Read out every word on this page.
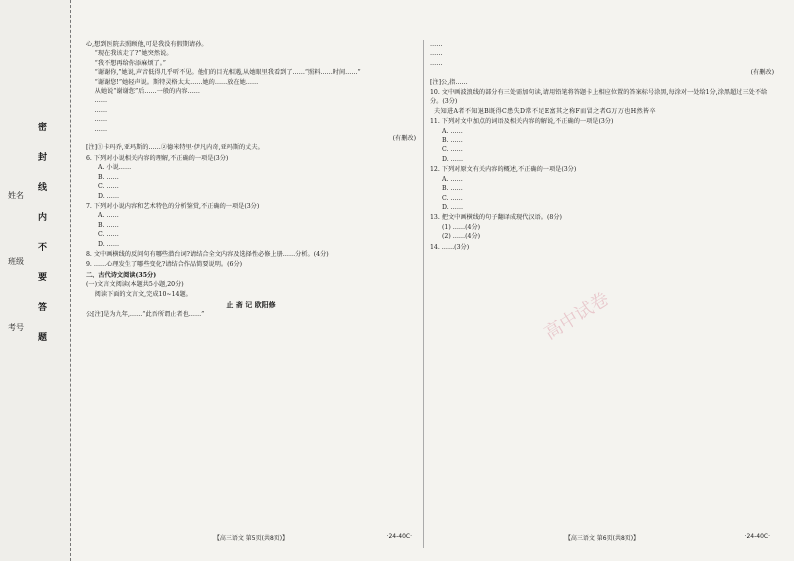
姓名
班级
考号
密
封
线
内
不
要
答
题

心,想到医院去照顾他,可是我没有假期请孙。

“现在我该走了?”她突然说。

“我不想再给你添麻烦了。”

“谢谢你,”她说,声音低得几乎听不见。他们的目光相遇,从她眼里我看到了……“照料……时间……”

“谢谢您!”她轻声说。斯特灵格太太……她的……放在她……

从她说“谢谢您”后……一般的内容……

……

……

……

……

(有删改)

[注]①卡玛乔,亚玛斯的……②德米特里·伊凡内奇,亚玛斯的丈夫。

6. 下列对小说相关内容的理解,不正确的一项是(3分)

A. 小说……

B. ……

C. ……

D. ……

7. 下列对小说内容和艺术特色的分析鉴赏,不正确的一项是(3分)

A. ……

B. ……

C. ……

D. ……

8. 文中画横线的反问句有哪些潜台词?请结合全文内容及选择性必修上册……分析。(4分)

9. ……心理发生了哪些变化?请结合作品简要说明。(6分)

二、古代诗文阅读(35分)

(一)文言文阅读(本题共5小题,20分)

阅读下面的文言文,完成10~14题。

止 斋 记 欧阳修

公[注]是为九年,……“此吾所谓止者也……”

……

……

……

(有删改)

[注]公,指……

10. 文中画波浪线的部分有三处需加句读,请用铅笔将答题卡上相应位置的答案标号涂黑,每涂对一处给1分,涂黑超过三处不给分。(3分)

夫知进A者不知退B既得C患失D常不足E富其之称F而冒之者G万万也H然皆卒

11. 下列对文中加点的词语及相关内容的解说,不正确的一项是(3分)

A. ……

B. ……

C. ……

D. ……

12. 下列对原文有关内容的概述,不正确的一项是(3分)

A. ……

B. ……

C. ……

D. ……

13. 把文中画横线的句子翻译成现代汉语。(8分)

(1) ……(4分)

(2) ……(4分)

14. ……(3分)

高中试卷
【高三语文 第5页(共8页)】	·24-40C·	【高三语文 第6页(共8页)】	·24-40C·
